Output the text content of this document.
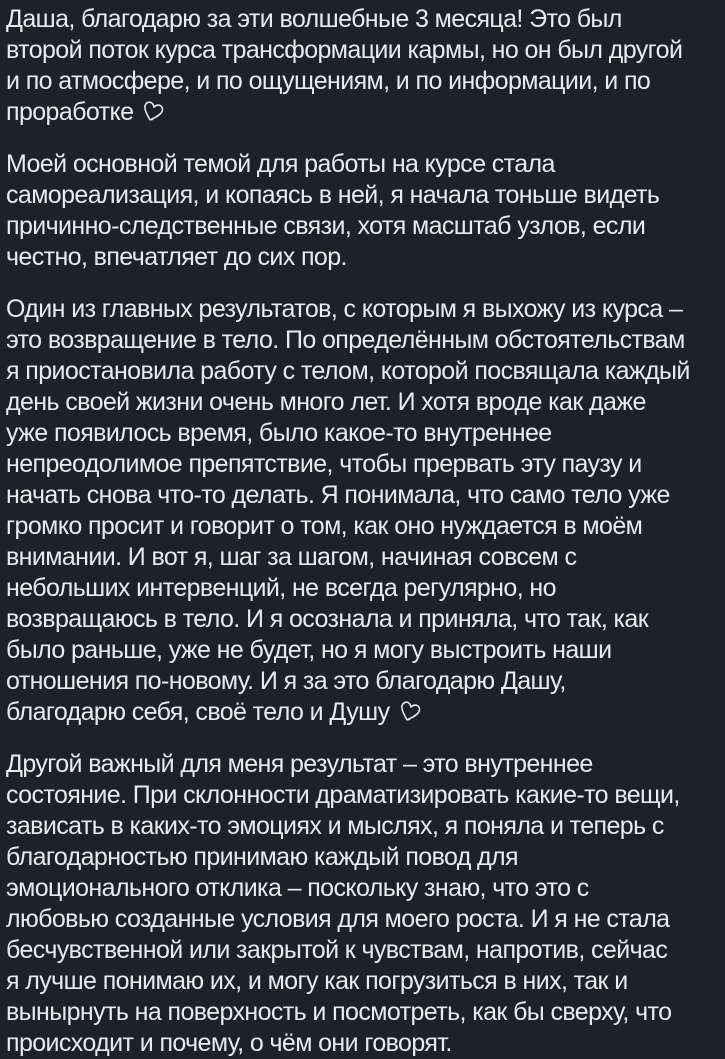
Даша, благодарю за эти волшебные 3 месяца! Это был
второй поток курса трансформации кармы, но он был другой
и по атмосфере, и по ощущениям, и по информации, и по
проработке

Моей основной темой для работы на курсе стала
самореализация, и копаясь в ней, я начала тоньше видеть
причинно-следственные связи, хотя масштаб узлов, если
честно, впечатляет до сих пор.

Один из главных результатов, с которым я выхожу из курса –
это возвращение в тело. По определённым обстоятельствам
я приостановила работу с телом, которой посвящала каждый
день своей жизни очень много лет. И хотя вроде как даже
уже появилось время, было какое-то внутреннее
непреодолимое препятствие, чтобы прервать эту паузу и
начать снова что-то делать. Я понимала, что само тело уже
громко просит и говорит о том, как оно нуждается в моём
внимании. И вот я, шаг за шагом, начиная совсем с
небольших интервенций, не всегда регулярно, но
возвращаюсь в тело. И я осознала и приняла, что так, как
было раньше, уже не будет, но я могу выстроить наши
отношения по-новому. И я за это благодарю Дашу,
благодарю себя, своё тело и Душу

Другой важный для меня результат – это внутреннее
состояние. При склонности драматизировать какие-то вещи,
зависать в каких-то эмоциях и мыслях, я поняла и теперь с
благодарностью принимаю каждый повод для
эмоционального отклика – поскольку знаю, что это с
любовью созданные условия для моего роста. И я не стала
бесчувственной или закрытой к чувствам, напротив, сейчас
я лучше понимаю их, и могу как погрузиться в них, так и
вынырнуть на поверхность и посмотреть, как бы сверху, что
происходит и почему, о чём они говорят.
